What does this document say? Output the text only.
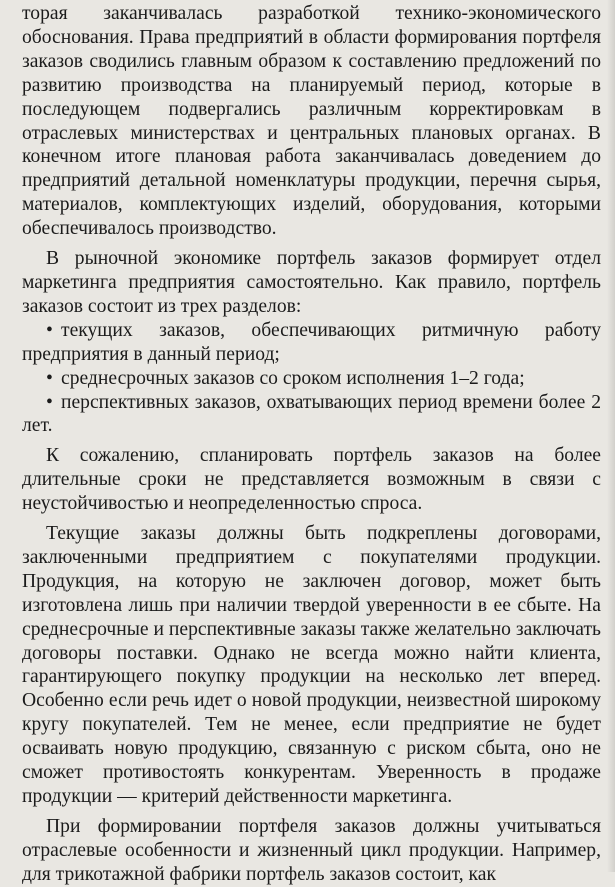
торая заканчивалась разработкой технико-экономического обоснования. Права предприятий в области формирования портфеля заказов сводились главным образом к составлению предложений по развитию производства на планируемый период, которые в последующем подвергались различным корректировкам в отраслевых министерствах и центральных плановых органах. В конечном итоге плановая работа заканчивалась доведением до предприятий детальной номенклатуры продукции, перечня сырья, материалов, комплектующих изделий, оборудования, которыми обеспечивалось производство.

В рыночной экономике портфель заказов формирует отдел маркетинга предприятия самостоятельно. Как правило, портфель заказов состоит из трех разделов:

• текущих заказов, обеспечивающих ритмичную работу предприятия в данный период;
• среднесрочных заказов со сроком исполнения 1–2 года;
• перспективных заказов, охватывающих период времени более 2 лет.

К сожалению, спланировать портфель заказов на более длительные сроки не представляется возможным в связи с неустойчивостью и неопределенностью спроса.

Текущие заказы должны быть подкреплены договорами, заключенными предприятием с покупателями продукции. Продукция, на которую не заключен договор, может быть изготовлена лишь при наличии твердой уверенности в ее сбыте. На среднесрочные и перспективные заказы также желательно заключать договоры поставки. Однако не всегда можно найти клиента, гарантирующего покупку продукции на несколько лет вперед. Особенно если речь идет о новой продукции, неизвестной широкому кругу покупателей. Тем не менее, если предприятие не будет осваивать новую продукцию, связанную с риском сбыта, оно не сможет противостоять конкурентам. Уверенность в продаже продукции — критерий действенности маркетинга.

При формировании портфеля заказов должны учитываться отраслевые особенности и жизненный цикл продукции. Например, для трикотажной фабрики портфель заказов состоит, как
